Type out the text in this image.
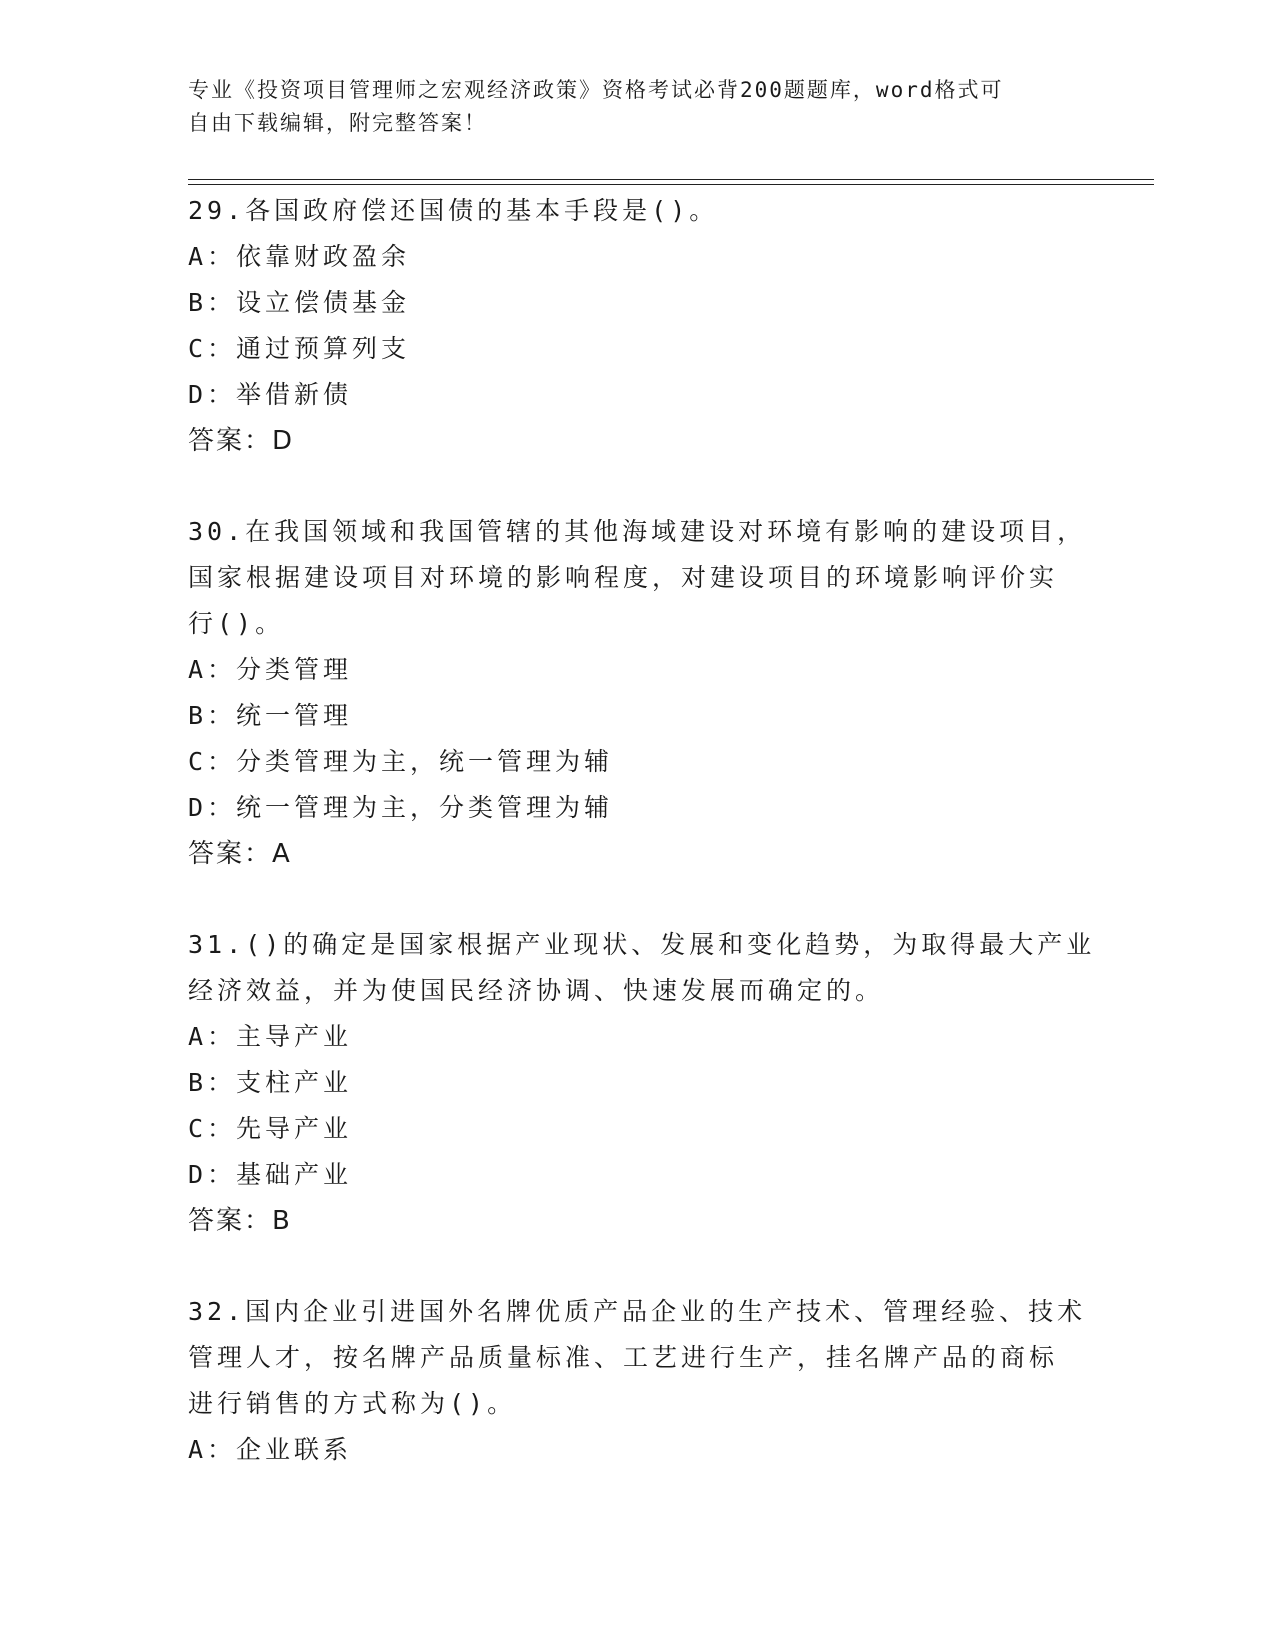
专业《投资项目管理师之宏观经济政策》资格考试必背200题题库，word格式可
自由下载编辑，附完整答案！
29.各国政府偿还国债的基本手段是()。
A：依靠财政盈余
B：设立偿债基金
C：通过预算列支
D：举借新债
答案：D
30.在我国领域和我国管辖的其他海域建设对环境有影响的建设项目，
国家根据建设项目对环境的影响程度，对建设项目的环境影响评价实
行()。
A：分类管理
B：统一管理
C：分类管理为主，统一管理为辅
D：统一管理为主，分类管理为辅
答案：A
31.()的确定是国家根据产业现状、发展和变化趋势，为取得最大产业
经济效益，并为使国民经济协调、快速发展而确定的。
A：主导产业
B：支柱产业
C：先导产业
D：基础产业
答案：B
32.国内企业引进国外名牌优质产品企业的生产技术、管理经验、技术
管理人才，按名牌产品质量标准、工艺进行生产，挂名牌产品的商标
进行销售的方式称为()。
A：企业联系
